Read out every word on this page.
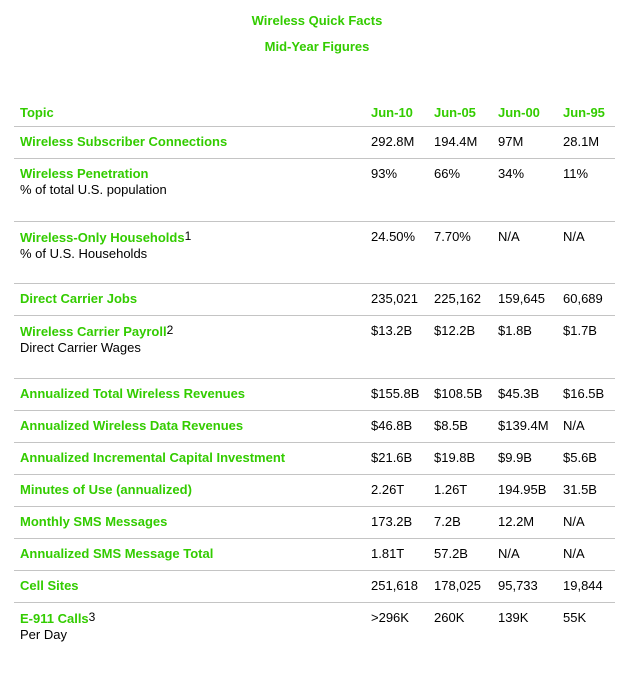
Wireless Quick Facts
Mid-Year Figures
Topic	Jun-10	Jun-05	Jun-00	Jun-95
Wireless Subscriber Connections	292.8M	194.4M	97M	28.1M
Wireless Penetration
% of total U.S. population	93%	66%	34%	11%
Wireless-Only Households$^1$
% of U.S. Households	24.50%	7.70%	N/A	N/A
Direct Carrier Jobs	235,021	225,162	159,645	60,689
Wireless Carrier Payroll$^2$
Direct Carrier Wages	$13.2B	$12.2B	$1.8B	$1.7B
Annualized Total Wireless Revenues	$155.8B	$108.5B	$45.3B	$16.5B
Annualized Wireless Data Revenues	$46.8B	$8.5B	$139.4M	N/A
Annualized Incremental Capital Investment	$21.6B	$19.8B	$9.9B	$5.6B
Minutes of Use (annualized)	2.26T	1.26T	194.95B	31.5B
Monthly SMS Messages	173.2B	7.2B	12.2M	N/A
Annualized SMS Message Total	1.81T	57.2B	N/A	N/A
Cell Sites	251,618	178,025	95,733	19,844
E-911 Calls$^3$
Per Day	>296K	260K	139K	55K
